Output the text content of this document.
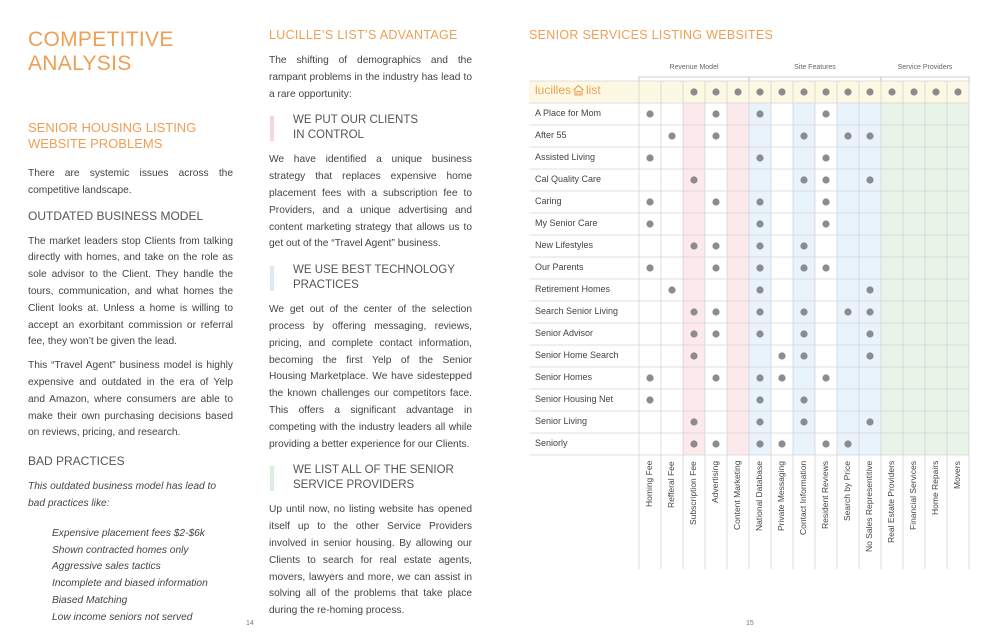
COMPETITIVE
ANALYSIS
SENIOR HOUSING LISTING
WEBSITE PROBLEMS

There are systemic issues across the competitive landscape.

OUTDATED BUSINESS MODEL

The market leaders stop Clients from talking directly with homes, and take on the role as sole advisor to the Client. They handle the tours, communication, and what homes the Client looks at. Unless a home is willing to accept an exorbitant commission or referral fee, they won’t be given the lead.

This “Travel Agent” business model is highly expensive and outdated in the era of Yelp and Amazon, where consumers are able to make their own purchasing decisions based on reviews, pricing, and research.

BAD PRACTICES

This outdated business model has lead to bad practices like:

Expensive placement fees $2-$6k
Shown contracted homes only
Aggressive sales tactics
Incomplete and biased information
Biased Matching
Low income seniors not served
14
LUCILLE’S LIST’S ADVANTAGE

The shifting of demographics and the rampant problems in the industry has lead to a rare opportunity:

WE PUT OUR CLIENTS
IN CONTROL

We have identified a unique business strategy that replaces expensive home placement fees with a subscription fee to Providers, and a unique advertising and content marketing strategy that allows us to get out of the “Travel Agent” business.

WE USE BEST TECHNOLOGY
PRACTICES

We get out of the center of the selection process by offering messaging, reviews, pricing, and complete contact information, becoming the first Yelp of the Senior Housing Marketplace. We have sidestepped the known challenges our competitors face. This offers a significant advantage in competing with the industry leaders all while providing a better experience for our Clients.

WE LIST ALL OF THE SENIOR
SERVICE PROVIDERS

Up until now, no listing website has opened itself up to the other Service Providers involved in senior housing. By allowing our Clients to search for real estate agents, movers, lawyers and more, we can assist in solving all of the problems that take place during the re-homing process.

15
SENIOR SERVICES LISTING WEBSITES
lucilles list
Revenue Model	Site Features	Service Providers
A Place for Mom
After 55
Assisted Living
Cal Quality Care
Caring
My Senior Care
New Lifestyles
Our Parents
Retirement Homes
Search Senior Living
Senior Advisor
Senior Home Search
Senior Homes
Senior Housing Net
Senior Living
Seniorly
Homing Fee Refferal Fee Subscription Fee Advertising Content Marketing National Database Private Messaging Contact Information Resident Reviews Search by Price No Sales Representitive Real Estate Providers Financial Services Home Repairs Movers
